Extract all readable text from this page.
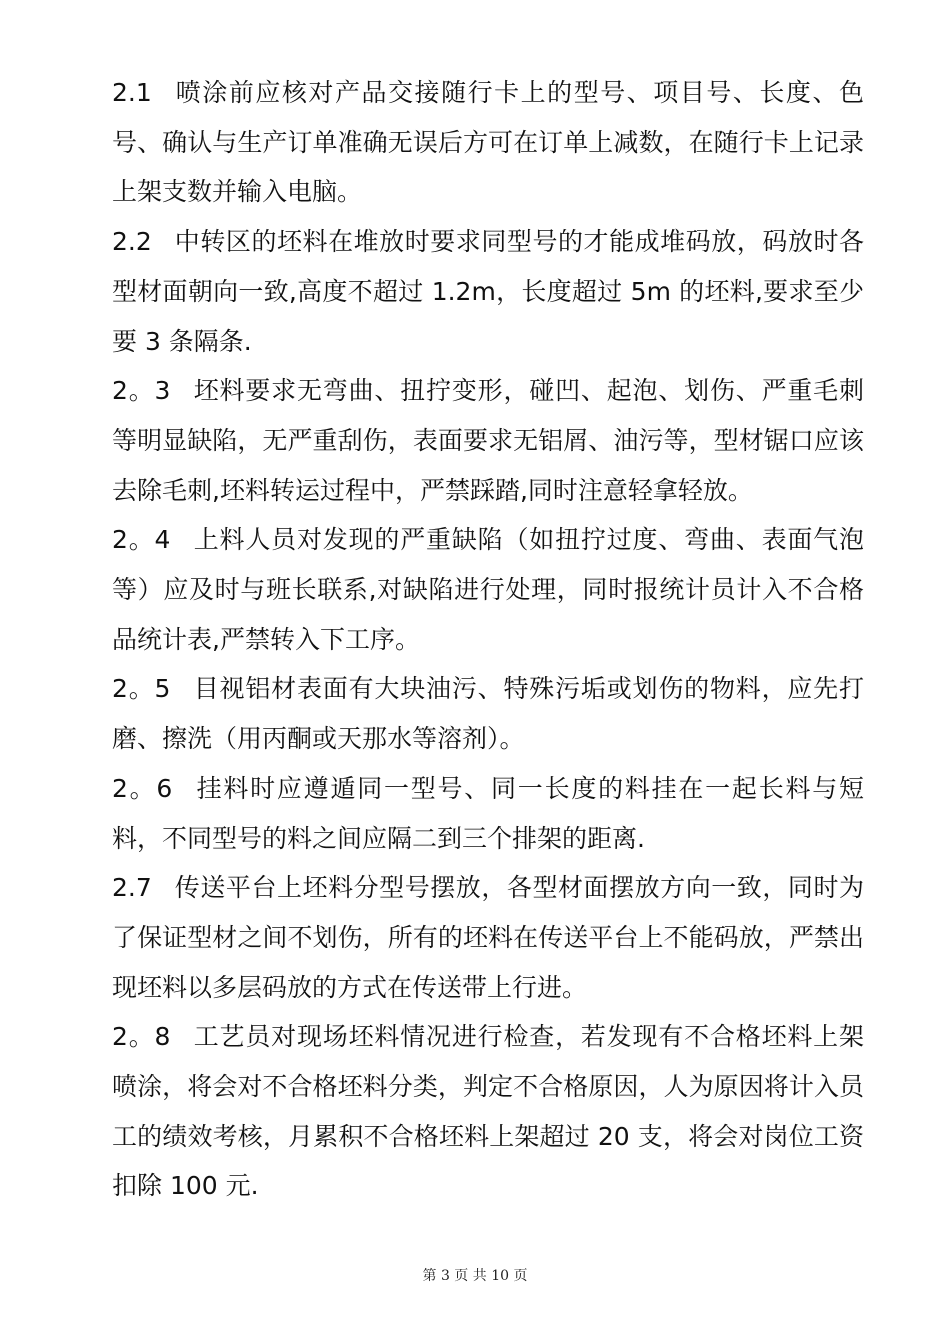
2.1 喷涂前应核对产品交接随行卡上的型号、项目号、长度、色号、确认与生产订单准确无误后方可在订单上减数，在随行卡上记录上架支数并输入电脑。

2.2 中转区的坯料在堆放时要求同型号的才能成堆码放，码放时各型材面朝向一致,高度不超过 1.2m，长度超过 5m 的坯料,要求至少要 3 条隔条.

2。3 坯料要求无弯曲、扭拧变形，碰凹、起泡、划伤、严重毛刺等明显缺陷，无严重刮伤，表面要求无铝屑、油污等，型材锯口应该去除毛刺,坯料转运过程中，严禁踩踏,同时注意轻拿轻放。

2。4 上料人员对发现的严重缺陷（如扭拧过度、弯曲、表面气泡等）应及时与班长联系,对缺陷进行处理，同时报统计员计入不合格品统计表,严禁转入下工序。

2。5 目视铝材表面有大块油污、特殊污垢或划伤的物料，应先打磨、擦洗（用丙酮或天那水等溶剂）。

2。6 挂料时应遵遁同一型号、同一长度的料挂在一起长料与短料，不同型号的料之间应隔二到三个排架的距离.

2.7 传送平台上坯料分型号摆放，各型材面摆放方向一致，同时为了保证型材之间不划伤，所有的坯料在传送平台上不能码放，严禁出现坯料以多层码放的方式在传送带上行进。

2。8 工艺员对现场坯料情况进行检查，若发现有不合格坯料上架喷涂，将会对不合格坯料分类，判定不合格原因，人为原因将计入员工的绩效考核，月累积不合格坯料上架超过 20 支，将会对岗位工资扣除 100 元.

第 3 页 共 10 页
